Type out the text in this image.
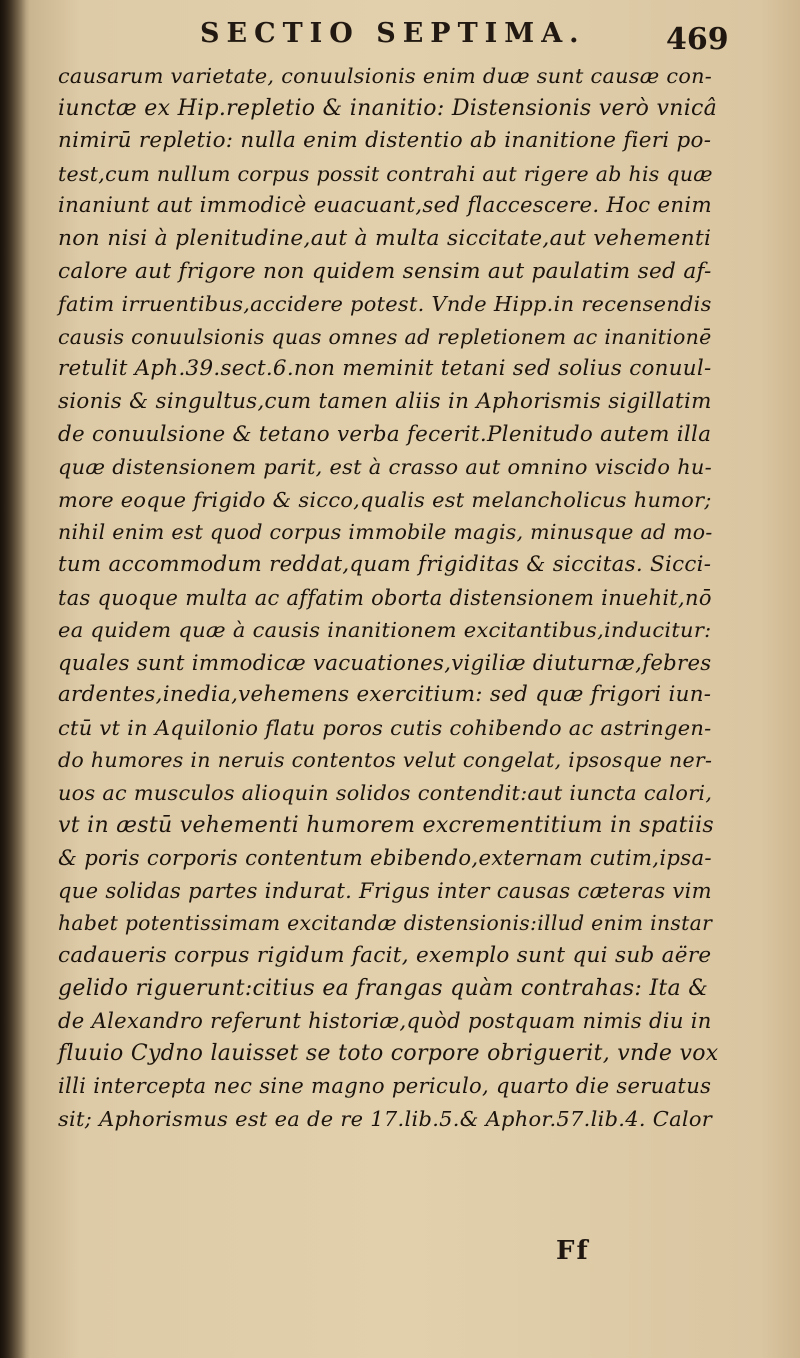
SECTIO SEPTIMA.	469
causarum varietate, conuulsionis enim duæ sunt causæ con-
iunctæ ex Hip.repletio & inanitio: Distensionis verò vnicâ
nimirū repletio: nulla enim distentio ab inanitione fieri po-
test,cum nullum corpus possit contrahi aut rigere ab his quæ
inaniunt aut immodicè euacuant,sed flaccescere. Hoc enim
non nisi à plenitudine,aut à multa siccitate,aut vehementi
calore aut frigore non quidem sensim aut paulatim sed af-
fatim irruentibus,accidere potest. Vnde Hipp.in recensendis
causis conuulsionis quas omnes ad repletionem ac inanitionē
retulit Aph.39.sect.6.non meminit tetani sed solius conuul-
sionis & singultus,cum tamen aliis in Aphorismis sigillatim
de conuulsione & tetano verba fecerit.Plenitudo autem illa
quæ distensionem parit, est à crasso aut omnino viscido hu-
more eoque frigido & sicco,qualis est melancholicus humor;
nihil enim est quod corpus immobile magis, minusque ad mo-
tum accommodum reddat,quam frigiditas & siccitas. Sicci-
tas quoque multa ac affatim oborta distensionem inuehit,nō
ea quidem quæ à causis inanitionem excitantibus,inducitur:
quales sunt immodicæ vacuationes,vigiliæ diuturnæ,febres
ardentes,inedia,vehemens exercitium: sed quæ frigori iun-
ctū vt in Aquilonio flatu poros cutis cohibendo ac astringen-
do humores in neruis contentos velut congelat, ipsosque ner-
uos ac musculos alioquin solidos contendit:aut iuncta calori,
vt in æstū vehementi humorem excrementitium in spatiis
& poris corporis contentum ebibendo,externam cutim,ipsa-
que solidas partes indurat. Frigus inter causas cæteras vim
habet potentissimam excitandæ distensionis:illud enim instar
cadaueris corpus rigidum facit, exemplo sunt qui sub aëre
gelido riguerunt:citius ea frangas quàm contrahas: Ita &
de Alexandro referunt historiæ,quòd postquam nimis diu in
fluuio Cydno lauisset se toto corpore obriguerit, vnde vox
illi intercepta nec sine magno periculo, quarto die seruatus
sit; Aphorismus est ea de re 17.lib.5.& Aphor.57.lib.4. Calor
Ff
